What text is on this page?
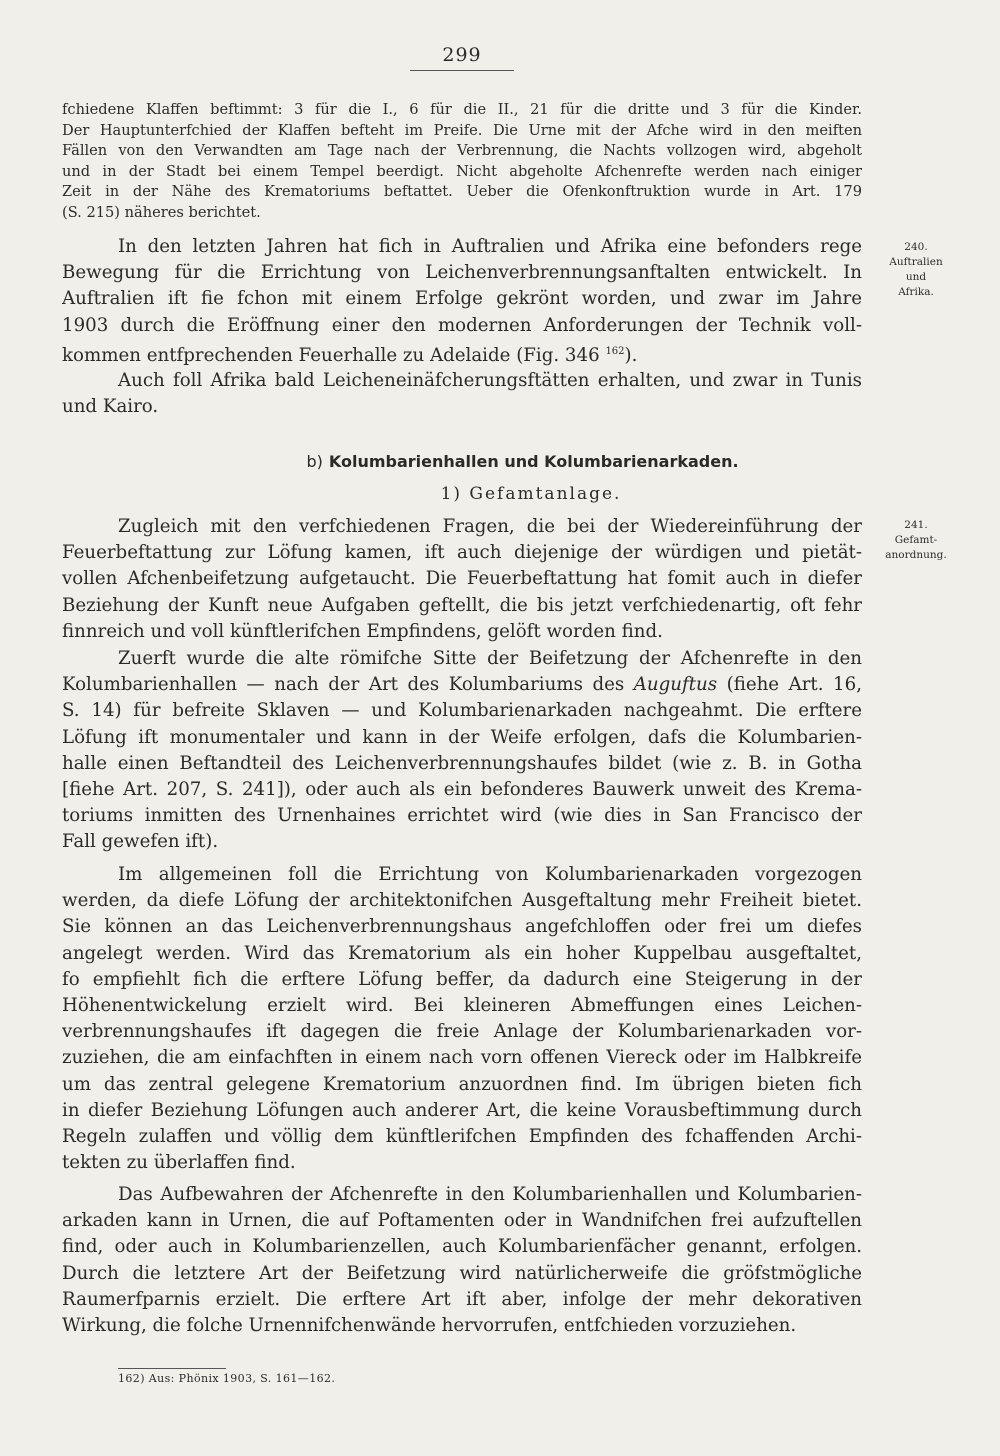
299
fchiedene Klaffen beftimmt: 3 für die I., 6 für die II., 21 für die dritte und 3 für die Kinder.
Der Hauptunterfchied der Klaffen befteht im Preife. Die Urne mit der Afche wird in den meiften
Fällen von den Verwandten am Tage nach der Verbrennung, die Nachts vollzogen wird, abgeholt
und in der Stadt bei einem Tempel beerdigt. Nicht abgeholte Afchenrefte werden nach einiger
Zeit in der Nähe des Krematoriums beftattet. Ueber die Ofenkonftruktion wurde in Art. 179
(S. 215) näheres berichtet.
In den letzten Jahren hat fich in Auftralien und Afrika eine befonders rege
Bewegung für die Errichtung von Leichenverbrennungsanftalten entwickelt. In
Auftralien ift fie fchon mit einem Erfolge gekrönt worden, und zwar im Jahre
1903 durch die Eröffnung einer den modernen Anforderungen der Technik voll-
kommen entfprechenden Feuerhalle zu Adelaide (Fig. 346 $^{162}$).
Auch foll Afrika bald Leicheneinäfcherungsftätten erhalten, und zwar in Tunis
und Kairo.
b) Kolumbarienhallen und Kolumbarienarkaden.
1) Gefamtanlage.
Zugleich mit den verfchiedenen Fragen, die bei der Wiedereinführung der
Feuerbeftattung zur Löfung kamen, ift auch diejenige der würdigen und pietät-
vollen Afchenbeifetzung aufgetaucht. Die Feuerbeftattung hat fomit auch in diefer
Beziehung der Kunft neue Aufgaben geftellt, die bis jetzt verfchiedenartig, oft fehr
finnreich und voll künftlerifchen Empfindens, gelöft worden find.
Zuerft wurde die alte römifche Sitte der Beifetzung der Afchenrefte in den
Kolumbarienhallen — nach der Art des Kolumbariums des Auguftus (fiehe Art. 16,
S. 14) für befreite Sklaven — und Kolumbarienarkaden nachgeahmt. Die erftere
Löfung ift monumentaler und kann in der Weife erfolgen, dafs die Kolumbarien-
halle einen Beftandteil des Leichenverbrennungshaufes bildet (wie z. B. in Gotha
[fiehe Art. 207, S. 241]), oder auch als ein befonderes Bauwerk unweit des Krema-
toriums inmitten des Urnenhaines errichtet wird (wie dies in San Francisco der
Fall gewefen ift).
Im allgemeinen foll die Errichtung von Kolumbarienarkaden vorgezogen
werden, da diefe Löfung der architektonifchen Ausgeftaltung mehr Freiheit bietet.
Sie können an das Leichenverbrennungshaus angefchloffen oder frei um diefes
angelegt werden. Wird das Krematorium als ein hoher Kuppelbau ausgeftaltet,
fo empfiehlt fich die erftere Löfung beffer, da dadurch eine Steigerung in der
Höhenentwickelung erzielt wird. Bei kleineren Abmeffungen eines Leichen-
verbrennungshaufes ift dagegen die freie Anlage der Kolumbarienarkaden vor-
zuziehen, die am einfachften in einem nach vorn offenen Viereck oder im Halbkreife
um das zentral gelegene Krematorium anzuordnen find. Im übrigen bieten fich
in diefer Beziehung Löfungen auch anderer Art, die keine Vorausbeftimmung durch
Regeln zulaffen und völlig dem künftlerifchen Empfinden des fchaffenden Archi-
tekten zu überlaffen find.
Das Aufbewahren der Afchenrefte in den Kolumbarienhallen und Kolumbarien-
arkaden kann in Urnen, die auf Poftamenten oder in Wandnifchen frei aufzuftellen
find, oder auch in Kolumbarienzellen, auch Kolumbarienfächer genannt, erfolgen.
Durch die letztere Art der Beifetzung wird natürlicherweife die gröfstmögliche
Raumerfparnis erzielt. Die erftere Art ift aber, infolge der mehr dekorativen
Wirkung, die folche Urnennifchenwände hervorrufen, entfchieden vorzuziehen.
240.
Auftralien
und
Afrika.
241.
Gefamt-
anordnung.
162) Aus: Phönix 1903, S. 161—162.
